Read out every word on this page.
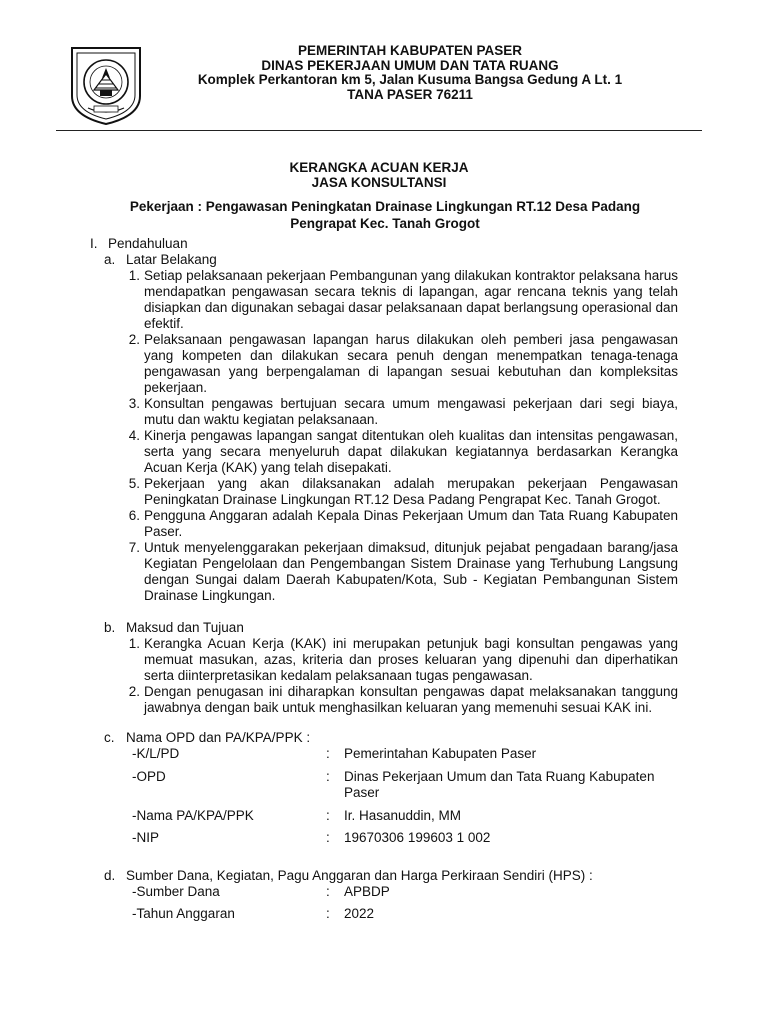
PEMERINTAH KABUPATEN PASER
DINAS PEKERJAAN UMUM DAN TATA RUANG
Komplek Perkantoran km 5, Jalan Kusuma Bangsa Gedung A Lt. 1
TANA PASER 76211
KERANGKA ACUAN KERJA
JASA KONSULTANSI
Pekerjaan : Pengawasan Peningkatan Drainase Lingkungan RT.12 Desa Padang
Pengrapat Kec. Tanah Grogot
I. Pendahuluan
a. Latar Belakang
1. Setiap pelaksanaan pekerjaan Pembangunan yang dilakukan kontraktor pelaksana harus mendapatkan pengawasan secara teknis di lapangan, agar rencana teknis yang telah disiapkan dan digunakan sebagai dasar pelaksanaan dapat berlangsung operasional dan efektif.
2. Pelaksanaan pengawasan lapangan harus dilakukan oleh pemberi jasa pengawasan yang kompeten dan dilakukan secara penuh dengan menempatkan tenaga-tenaga pengawasan yang berpengalaman di lapangan sesuai kebutuhan dan kompleksitas pekerjaan.
3. Konsultan pengawas bertujuan secara umum mengawasi pekerjaan dari segi biaya, mutu dan waktu kegiatan pelaksanaan.
4. Kinerja pengawas lapangan sangat ditentukan oleh kualitas dan intensitas pengawasan, serta yang secara menyeluruh dapat dilakukan kegiatannya berdasarkan Kerangka Acuan Kerja (KAK) yang telah disepakati.
5. Pekerjaan yang akan dilaksanakan adalah merupakan pekerjaan Pengawasan Peningkatan Drainase Lingkungan RT.12 Desa Padang Pengrapat Kec. Tanah Grogot.
6. Pengguna Anggaran adalah Kepala Dinas Pekerjaan Umum dan Tata Ruang Kabupaten Paser.
7. Untuk menyelenggarakan pekerjaan dimaksud, ditunjuk pejabat pengadaan barang/jasa Kegiatan Pengelolaan dan Pengembangan Sistem Drainase yang Terhubung Langsung dengan Sungai dalam Daerah Kabupaten/Kota, Sub - Kegiatan Pembangunan Sistem Drainase Lingkungan.
b. Maksud dan Tujuan
1. Kerangka Acuan Kerja (KAK) ini merupakan petunjuk bagi konsultan pengawas yang memuat masukan, azas, kriteria dan proses keluaran yang dipenuhi dan diperhatikan serta diinterpretasikan kedalam pelaksanaan tugas pengawasan.
2. Dengan penugasan ini diharapkan konsultan pengawas dapat melaksanakan tanggung jawabnya dengan baik untuk menghasilkan keluaran yang memenuhi sesuai KAK ini.
c. Nama OPD dan PA/KPA/PPK :
-K/L/PD	: Pemerintahan Kabupaten Paser
-OPD	: Dinas Pekerjaan Umum dan Tata Ruang Kabupaten Paser
-Nama PA/KPA/PPK	: Ir. Hasanuddin, MM
-NIP	: 19670306 199603 1 002
d. Sumber Dana, Kegiatan, Pagu Anggaran dan Harga Perkiraan Sendiri (HPS) :
-Sumber Dana	: APBDP
-Tahun Anggaran	: 2022
